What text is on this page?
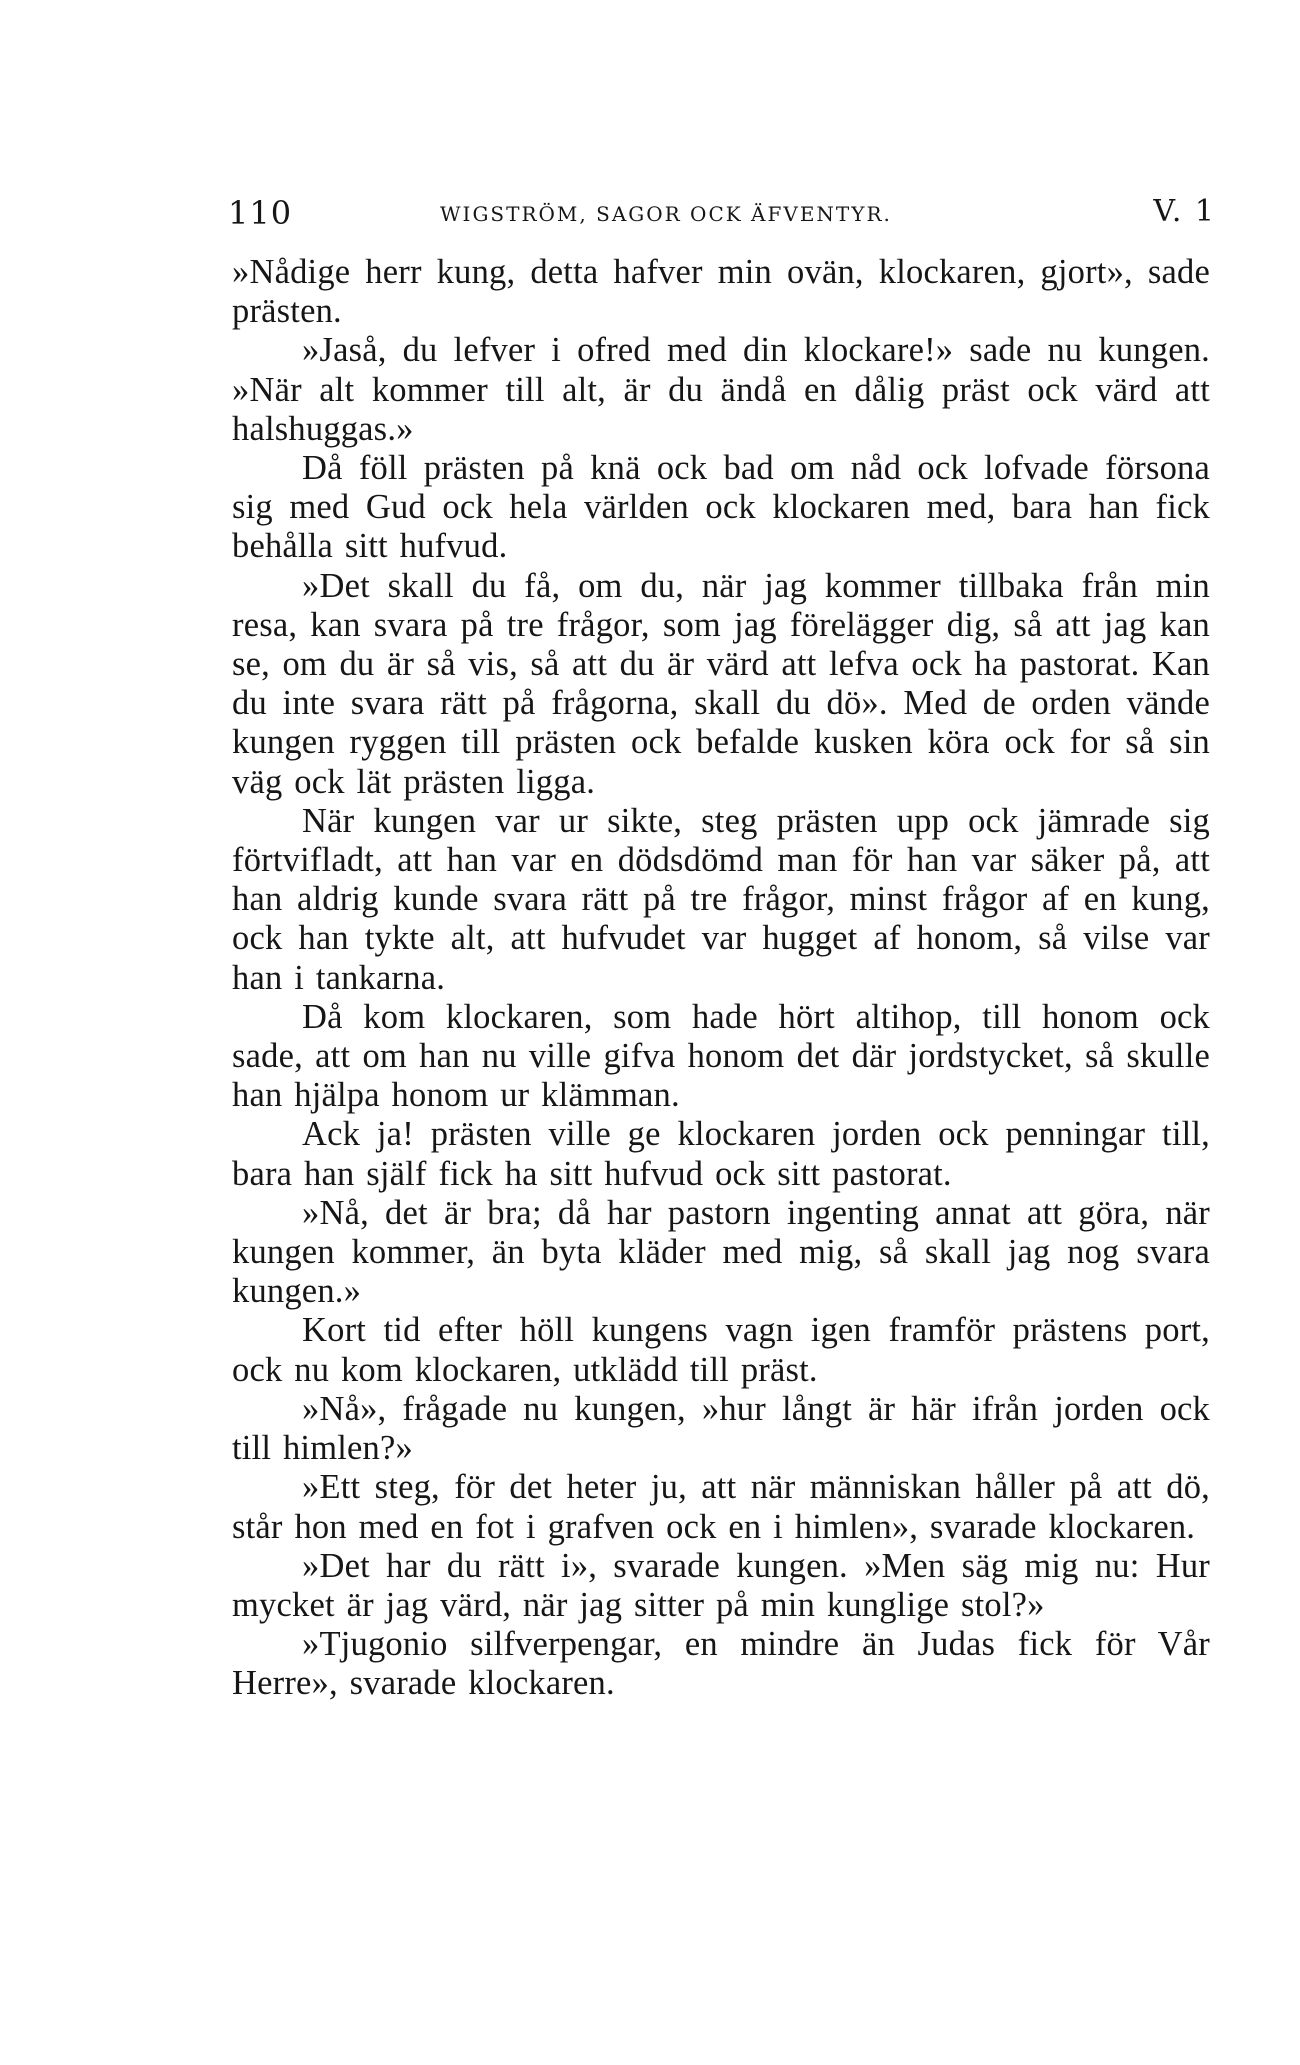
110	WIGSTRÖM, SAGOR OCK ÄFVENTYR.	V. 1

»Nådige herr kung, detta hafver min ovän, klockaren, gjort», sade prästen.

»Jaså, du lefver i ofred med din klockare!» sade nu kungen. »När alt kommer till alt, är du ändå en dålig präst ock värd att halshuggas.»

Då föll prästen på knä ock bad om nåd ock lofvade försona sig med Gud ock hela världen ock klockaren med, bara han fick behålla sitt hufvud.

»Det skall du få, om du, när jag kommer tillbaka från min resa, kan svara på tre frågor, som jag förelägger dig, så att jag kan se, om du är så vis, så att du är värd att lefva ock ha pastorat. Kan du inte svara rätt på frågorna, skall du dö». Med de orden vände kungen ryggen till prästen ock befalde kusken köra ock for så sin väg ock lät prästen ligga.

När kungen var ur sikte, steg prästen upp ock jämrade sig förtvifladt, att han var en dödsdömd man för han var säker på, att han aldrig kunde svara rätt på tre frågor, minst frågor af en kung, ock han tykte alt, att hufvudet var hugget af honom, så vilse var han i tankarna.

Då kom klockaren, som hade hört altihop, till honom ock sade, att om han nu ville gifva honom det där jordstycket, så skulle han hjälpa honom ur klämman.

Ack ja! prästen ville ge klockaren jorden ock penningar till, bara han själf fick ha sitt hufvud ock sitt pastorat.

»Nå, det är bra; då har pastorn ingenting annat att göra, när kungen kommer, än byta kläder med mig, så skall jag nog svara kungen.»

Kort tid efter höll kungens vagn igen framför prästens port, ock nu kom klockaren, utklädd till präst.

»Nå», frågade nu kungen, »hur långt är här ifrån jorden ock till himlen?»

»Ett steg, för det heter ju, att när människan håller på att dö, står hon med en fot i grafven ock en i himlen», svarade klockaren.

»Det har du rätt i», svarade kungen. »Men säg mig nu: Hur mycket är jag värd, när jag sitter på min kunglige stol?»

»Tjugonio silfverpengar, en mindre än Judas fick för Vår Herre», svarade klockaren.
